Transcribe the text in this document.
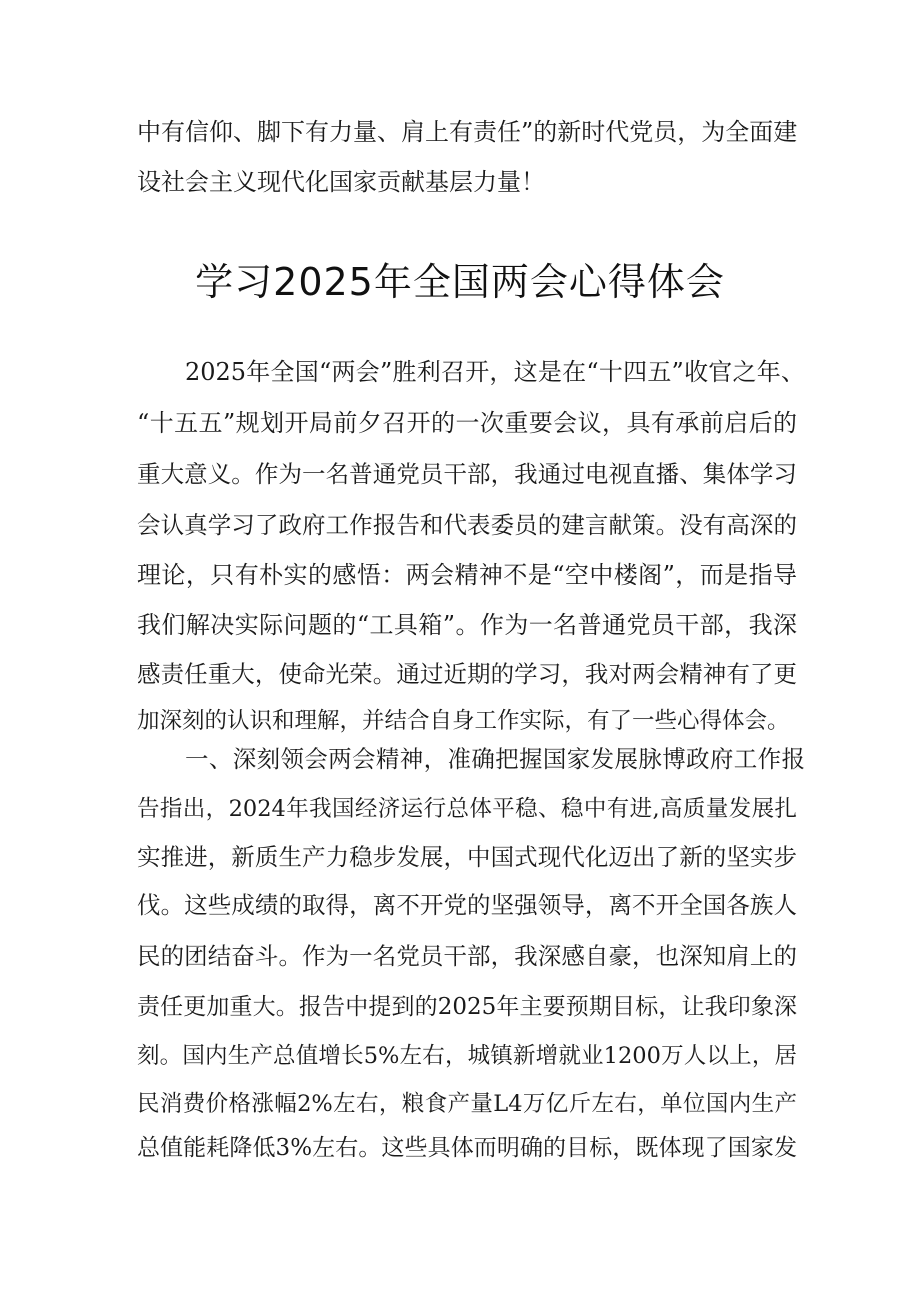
中有信仰、脚下有力量、肩上有责任”的新时代党员，为全面建
设社会主义现代化国家贡献基层力量！
学习2025年全国两会心得体会
2025年全国“两会”胜利召开，这是在“十四五”收官之年、
“十五五”规划开局前夕召开的一次重要会议，具有承前启后的
重大意义。作为一名普通党员干部，我通过电视直播、集体学习
会认真学习了政府工作报告和代表委员的建言献策。没有高深的
理论，只有朴实的感悟：两会精神不是“空中楼阁”，而是指导
我们解决实际问题的“工具箱”。作为一名普通党员干部，我深
感责任重大，使命光荣。通过近期的学习，我对两会精神有了更
加深刻的认识和理解，并结合自身工作实际，有了一些心得体会。
一、深刻领会两会精神，准确把握国家发展脉博政府工作报
告指出，2024年我国经济运行总体平稳、稳中有进,高质量发展扎
实推进，新质生产力稳步发展，中国式现代化迈出了新的坚实步
伐。这些成绩的取得，离不开党的坚强领导，离不开全国各族人
民的团结奋斗。作为一名党员干部，我深感自豪，也深知肩上的
责任更加重大。报告中提到的2025年主要预期目标，让我印象深
刻。国内生产总值增长5%左右，城镇新增就业1200万人以上，居
民消费价格涨幅2%左右，粮食产量L4万亿斤左右，单位国内生产
总值能耗降低3%左右。这些具体而明确的目标，既体现了国家发
